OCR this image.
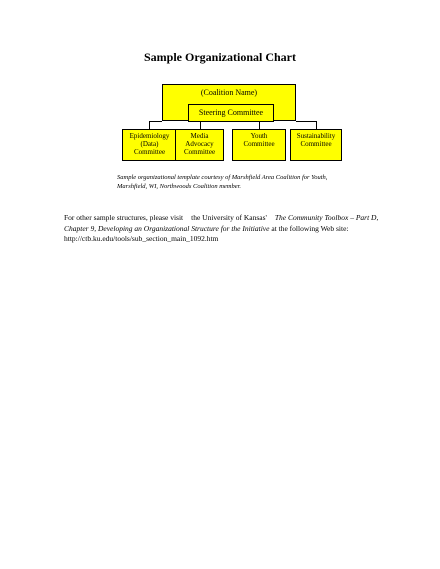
Sample Organizational Chart
(Coalition Name)
Steering Committee
Epidemiology
(Data)
Committee
Media
Advocacy
Committee
Youth
Committee
Sustainability
Committee
Sample organizational template courtesy of Marshfield Area Coalition for Youth,
Marshfield, WI, Northwoods Coalition member.
For other sample structures, please visit the University of Kansas' The Community Toolbox – Part D, Chapter 9, Developing an Organizational Structure for the Initiative at the following Web site:http://ctb.ku.edu/tools/sub_section_main_1092.htm
